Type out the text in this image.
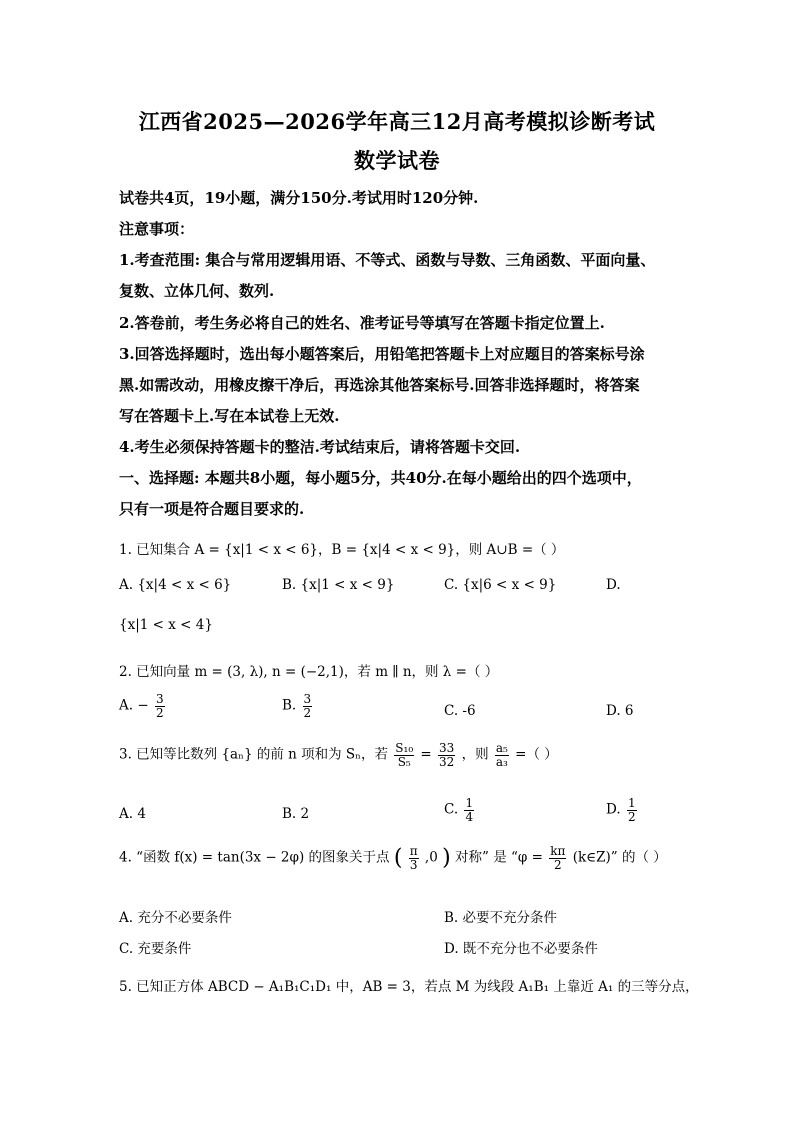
江西省2025—2026学年高三12月高考模拟诊断考试
数学试卷
试卷共4页，19小题，满分150分.考试用时120分钟.
注意事项：
1.考查范围: 集合与常用逻辑用语、不等式、函数与导数、三角函数、平面向量、
复数、立体几何、数列.
2.答卷前，考生务必将自己的姓名、准考证号等填写在答题卡指定位置上.
3.回答选择题时，选出每小题答案后，用铅笔把答题卡上对应题目的答案标号涂
黑.如需改动，用橡皮擦干净后，再选涂其他答案标号.回答非选择题时，将答案
写在答题卡上.写在本试卷上无效.
4.考生必须保持答题卡的整洁.考试结束后，请将答题卡交回.
一、选择题: 本题共8小题，每小题5分，共40分.在每小题给出的四个选项中，
只有一项是符合题目要求的.
1. 已知集合 A = {x|1 < x < 6}，B = {x|4 < x < 9}，则 A∪B =（ ）
A. {x|4 < x < 6}	B. {x|1 < x < 9}	C. {x|6 < x < 9}	D.
{x|1 < x < 4}
2. 已知向量 m = (3, λ), n = (−2,1)，若 m ∥ n，则 λ =（ ）
A. − $\frac{3}{2}$	B. $\frac{3}{2}$	C. -6	D. 6
3. 已知等比数列 {aₙ} 的前 n 项和为 Sₙ，若 $\frac{\text{S₁₀}}{\text{S₅}} = \frac{33}{32}$ ，则 $\frac{\text{a₅}}{\text{a₃}}$ =（ ）
A. 4	B. 2	C. $\frac{1}{4}$	D. $\frac{1}{2}$
4. “函数 f(x) = tan(3x − 2φ) 的图象关于点 ( $\frac{\pi}{3} ,0$ ) 对称” 是 “$\varphi = \frac{k\pi}{2}$ (k∈Z)” 的（ ）
A. 充分不必要条件	B. 必要不充分条件
C. 充要条件	D. 既不充分也不必要条件
5. 已知正方体 ABCD − A₁B₁C₁D₁ 中，AB = 3，若点 M 为线段 A₁B₁ 上靠近 A₁ 的三等分点，
